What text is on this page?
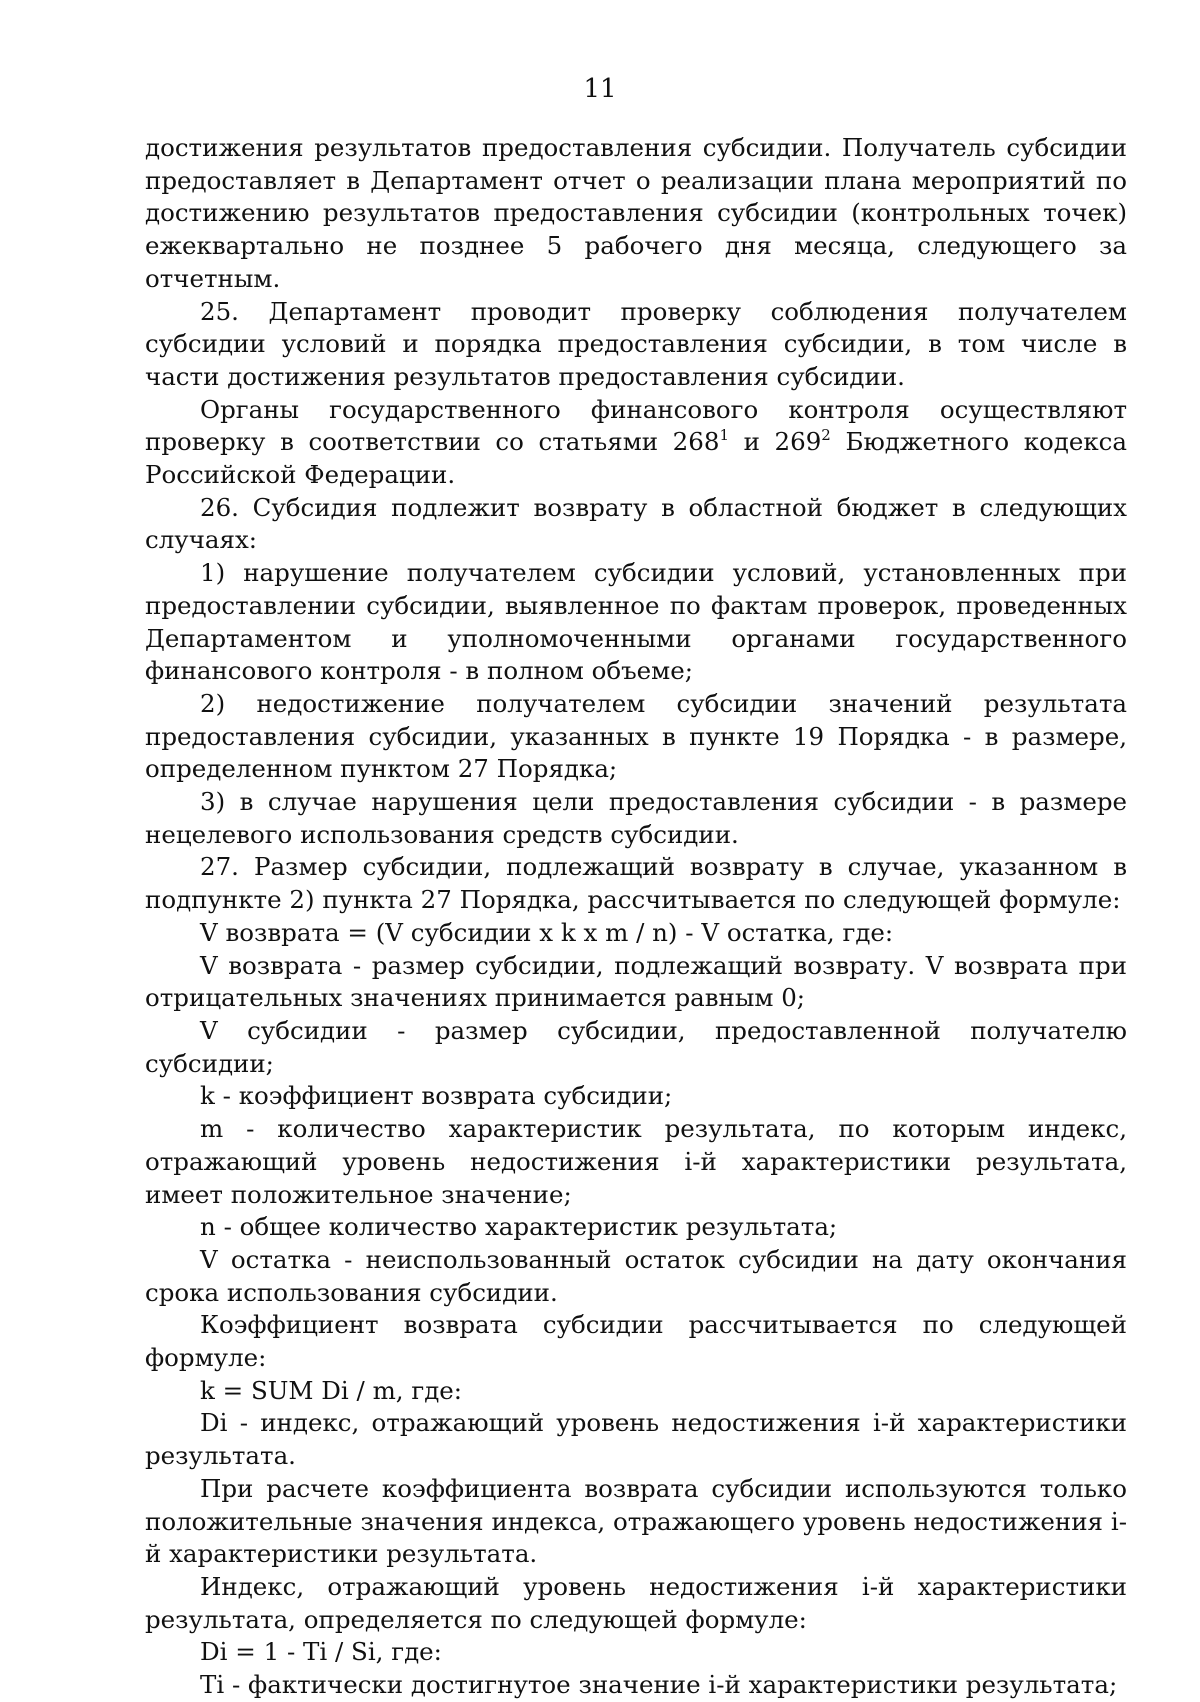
11

достижения результатов предоставления субсидии. Получатель субсидии предоставляет в Департамент отчет о реализации плана мероприятий по достижению результатов предоставления субсидии (контрольных точек) ежеквартально не позднее 5 рабочего дня месяца, следующего за отчетным.

25. Департамент проводит проверку соблюдения получателем субсидии условий и порядка предоставления субсидии, в том числе в части достижения результатов предоставления субсидии.

Органы государственного финансового контроля осуществляют проверку в соответствии со статьями $268^1$ и $269^2$ Бюджетного кодекса Российской Федерации.

26. Субсидия подлежит возврату в областной бюджет в следующих случаях:

1) нарушение получателем субсидии условий, установленных при предоставлении субсидии, выявленное по фактам проверок, проведенных Департаментом и уполномоченными органами государственного финансового контроля - в полном объеме;

2) недостижение получателем субсидии значений результата предоставления субсидии, указанных в пункте 19 Порядка - в размере, определенном пунктом 27 Порядка;

3) в случае нарушения цели предоставления субсидии - в размере нецелевого использования средств субсидии.

27. Размер субсидии, подлежащий возврату в случае, указанном в подпункте 2) пункта 27 Порядка, рассчитывается по следующей формуле:

V возврата = (V субсидии x k x m / n) - V остатка, где:

V возврата - размер субсидии, подлежащий возврату. V возврата при отрицательных значениях принимается равным 0;

V субсидии - размер субсидии, предоставленной получателю субсидии;

k - коэффициент возврата субсидии;

m - количество характеристик результата, по которым индекс, отражающий уровень недостижения i-й характеристики результата, имеет положительное значение;

n - общее количество характеристик результата;

V остатка - неиспользованный остаток субсидии на дату окончания срока использования субсидии.

Коэффициент возврата субсидии рассчитывается по следующей формуле:

k = SUM Di / m, где:

Di - индекс, отражающий уровень недостижения i-й характеристики результата.

При расчете коэффициента возврата субсидии используются только положительные значения индекса, отражающего уровень недостижения i-й характеристики результата.

Индекс, отражающий уровень недостижения i-й характеристики результата, определяется по следующей формуле:

Di = 1 - Ti / Si, где:

Ti - фактически достигнутое значение i-й характеристики результата;
